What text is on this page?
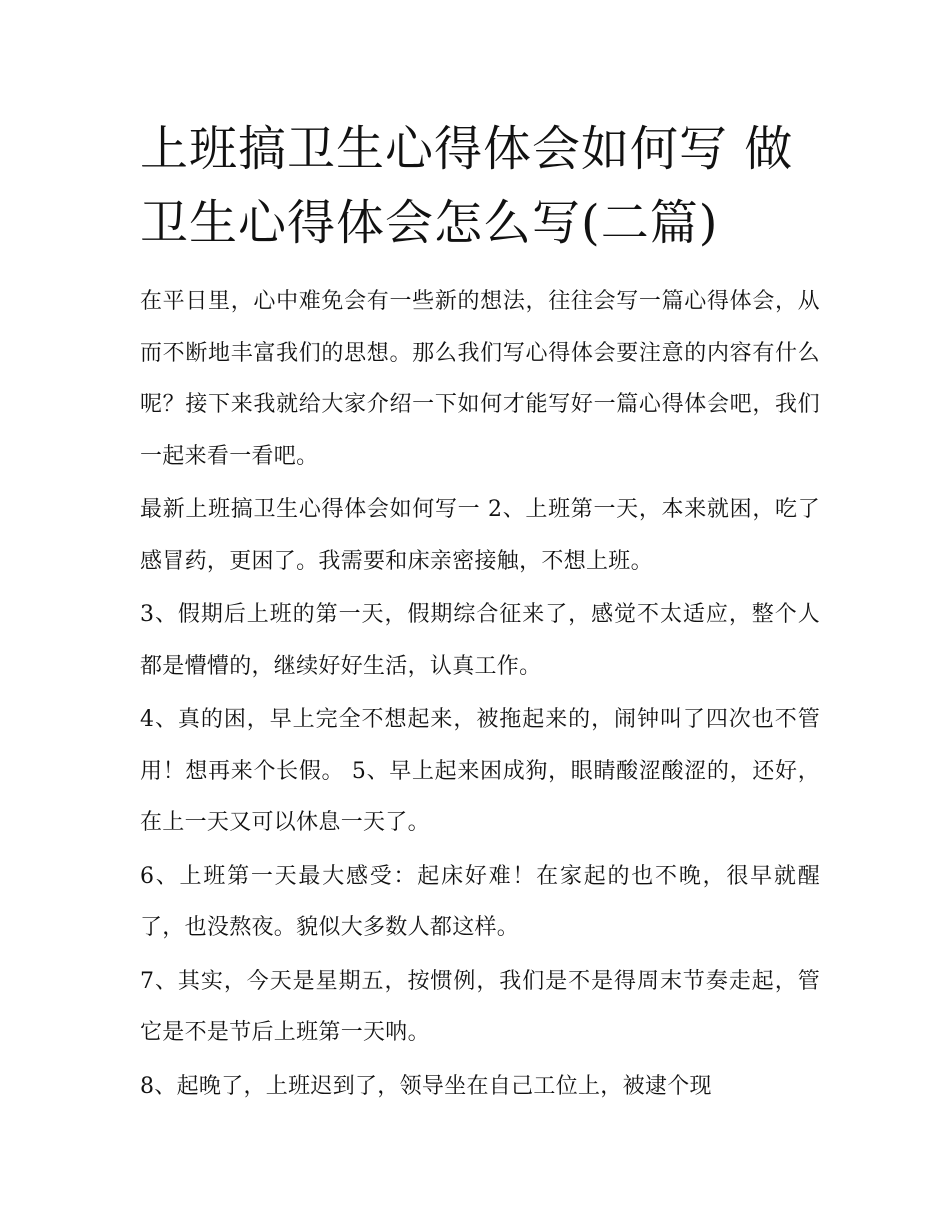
上班搞卫生心得体会如何写 做
卫生心得体会怎么写(二篇)

在平日里，心中难免会有一些新的想法，往往会写一篇心得体会，从而不断地丰富我们的思想。那么我们写心得体会要注意的内容有什么呢？接下来我就给大家介绍一下如何才能写好一篇心得体会吧，我们一起来看一看吧。

最新上班搞卫生心得体会如何写一 2、上班第一天，本来就困，吃了感冒药，更困了。我需要和床亲密接触，不想上班。

3、假期后上班的第一天，假期综合征来了，感觉不太适应，整个人都是懵懵的，继续好好生活，认真工作。

4、真的困，早上完全不想起来，被拖起来的，闹钟叫了四次也不管用！想再来个长假。 5、早上起来困成狗，眼睛酸涩酸涩的，还好，在上一天又可以休息一天了。

6、上班第一天最大感受：起床好难！在家起的也不晚，很早就醒了，也没熬夜。貌似大多数人都这样。

7、其实，今天是星期五，按惯例，我们是不是得周末节奏走起，管它是不是节后上班第一天呐。

8、起晚了，上班迟到了，领导坐在自己工位上，被逮个现
